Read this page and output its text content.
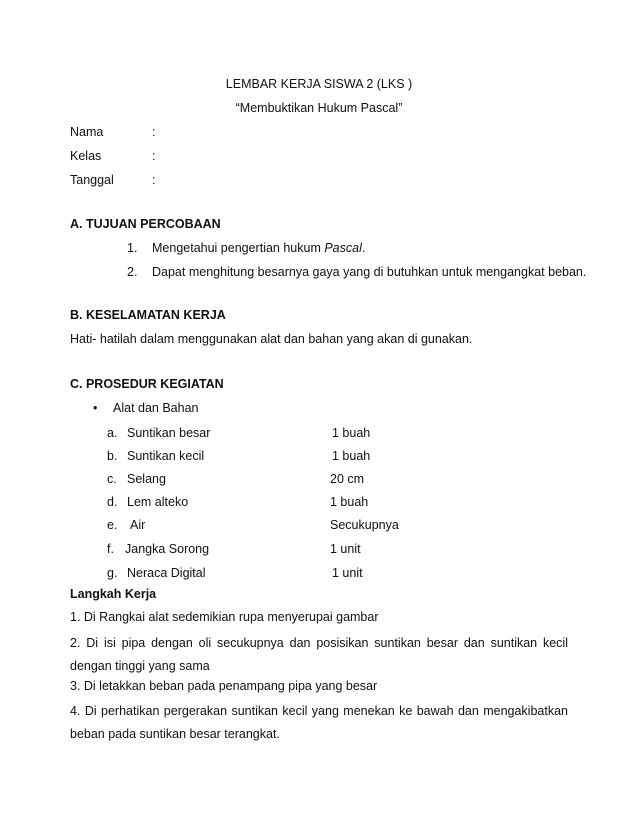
LEMBAR KERJA SISWA 2 (LKS )
“Membuktikan Hukum Pascal”
Nama	:
Kelas	:
Tanggal	:
A. TUJUAN PERCOBAAN
1. Mengetahui pengertian hukum Pascal.
2. Dapat menghitung besarnya gaya yang di butuhkan untuk mengangkat beban.
B. KESELAMATAN KERJA
Hati- hatilah dalam menggunakan alat dan bahan yang akan di gunakan.
C. PROSEDUR KEGIATAN
• Alat dan Bahan
a. Suntikan besar	1 buah
b. Suntikan kecil	1 buah
c. Selang	20 cm
d. Lem alteko	1 buah
e. Air	Secukupnya
f. Jangka Sorong	1 unit
g. Neraca Digital	1 unit
Langkah Kerja
1. Di Rangkai alat sedemikian rupa menyerupai gambar
2. Di isi pipa dengan oli secukupnya dan posisikan suntikan besar dan suntikan kecil dengan tinggi yang sama
3. Di letakkan beban pada penampang pipa yang besar
4. Di perhatikan pergerakan suntikan kecil yang menekan ke bawah dan mengakibatkan beban pada suntikan besar terangkat.
